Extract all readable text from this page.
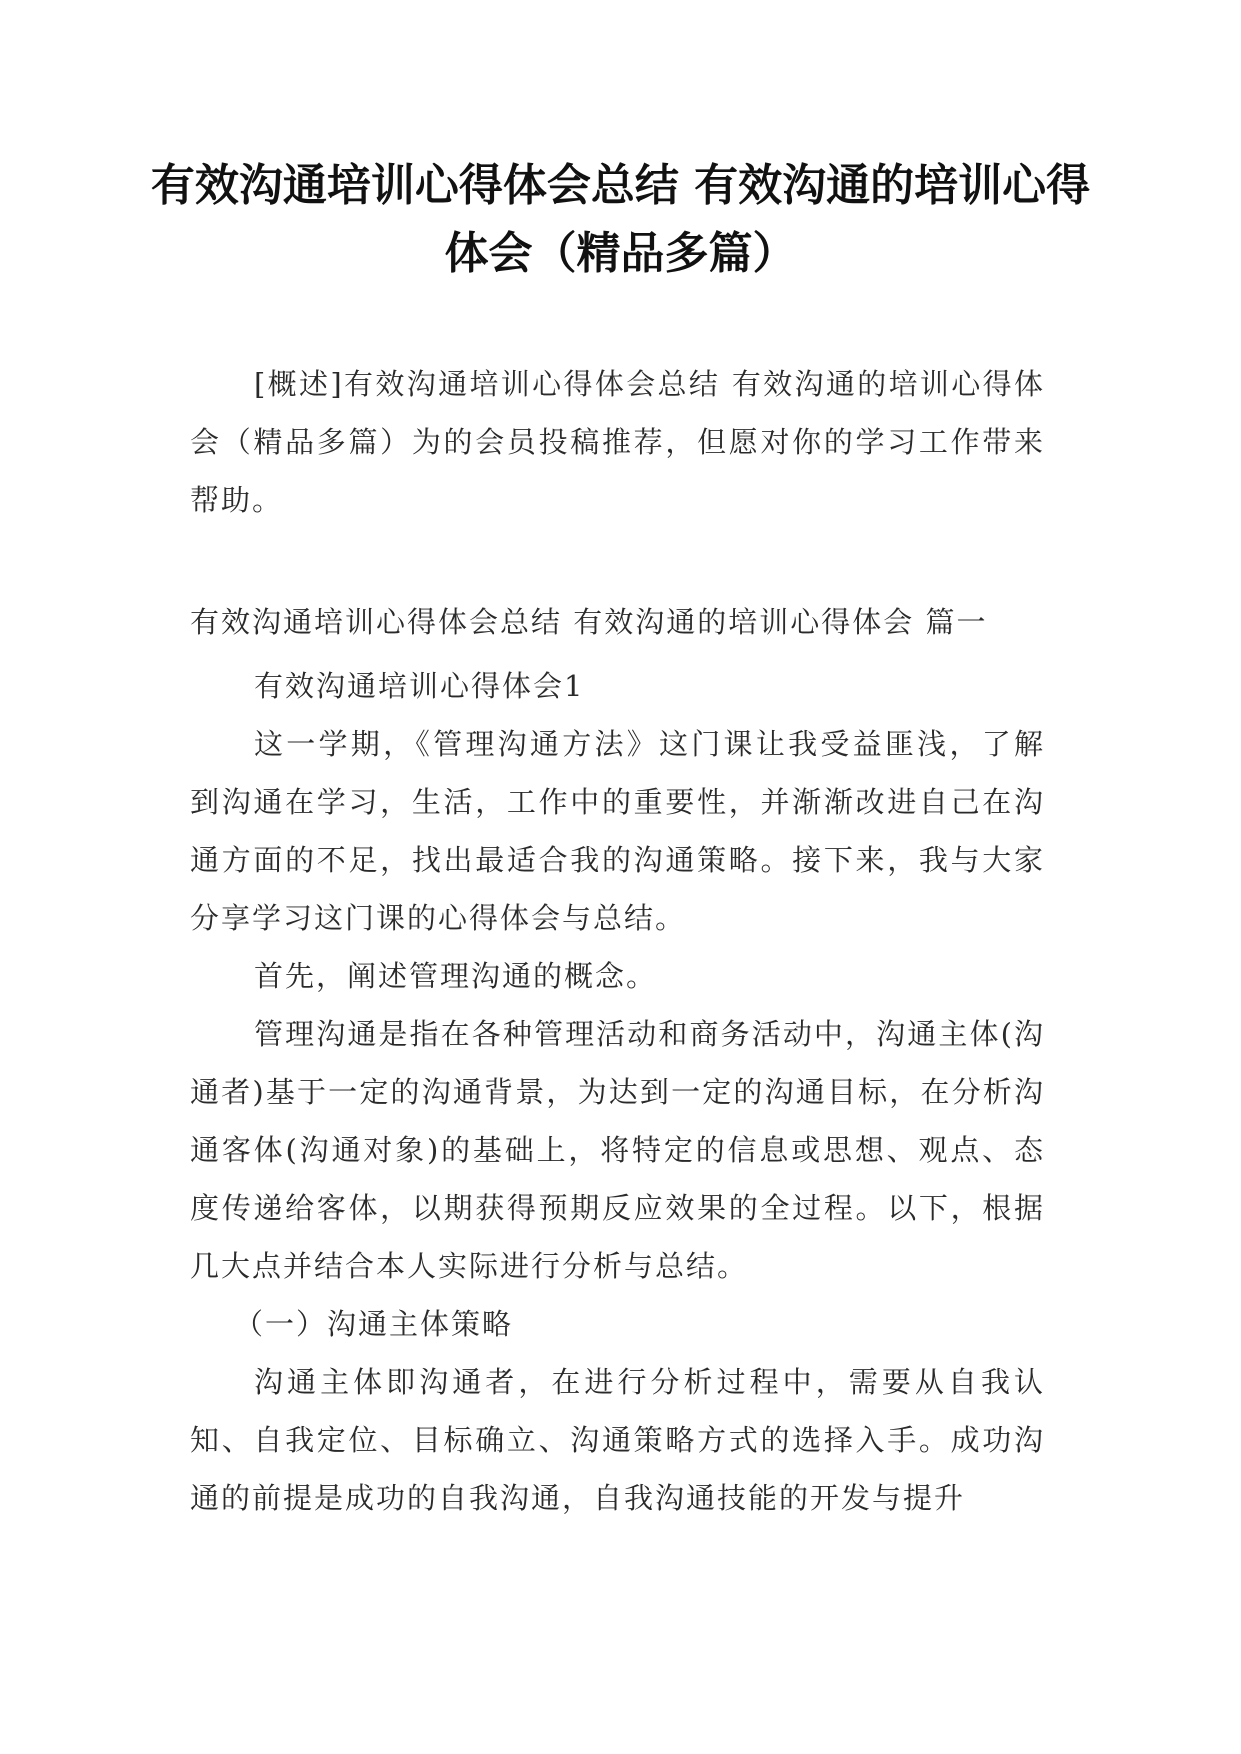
有效沟通培训心得体会总结 有效沟通的培训心得体会（精品多篇）

[概述]有效沟通培训心得体会总结 有效沟通的培训心得体会（精品多篇）为的会员投稿推荐，但愿对你的学习工作带来帮助。

有效沟通培训心得体会总结 有效沟通的培训心得体会 篇一

有效沟通培训心得体会1

这一学期，《管理沟通方法》这门课让我受益匪浅，了解到沟通在学习，生活，工作中的重要性，并渐渐改进自己在沟通方面的不足，找出最适合我的沟通策略。接下来，我与大家分享学习这门课的心得体会与总结。

首先，阐述管理沟通的概念。

管理沟通是指在各种管理活动和商务活动中，沟通主体(沟通者)基于一定的沟通背景，为达到一定的沟通目标，在分析沟通客体(沟通对象)的基础上，将特定的信息或思想、观点、态度传递给客体，以期获得预期反应效果的全过程。以下，根据几大点并结合本人实际进行分析与总结。

（一）沟通主体策略

沟通主体即沟通者，在进行分析过程中，需要从自我认知、自我定位、目标确立、沟通策略方式的选择入手。成功沟通的前提是成功的自我沟通，自我沟通技能的开发与提升
